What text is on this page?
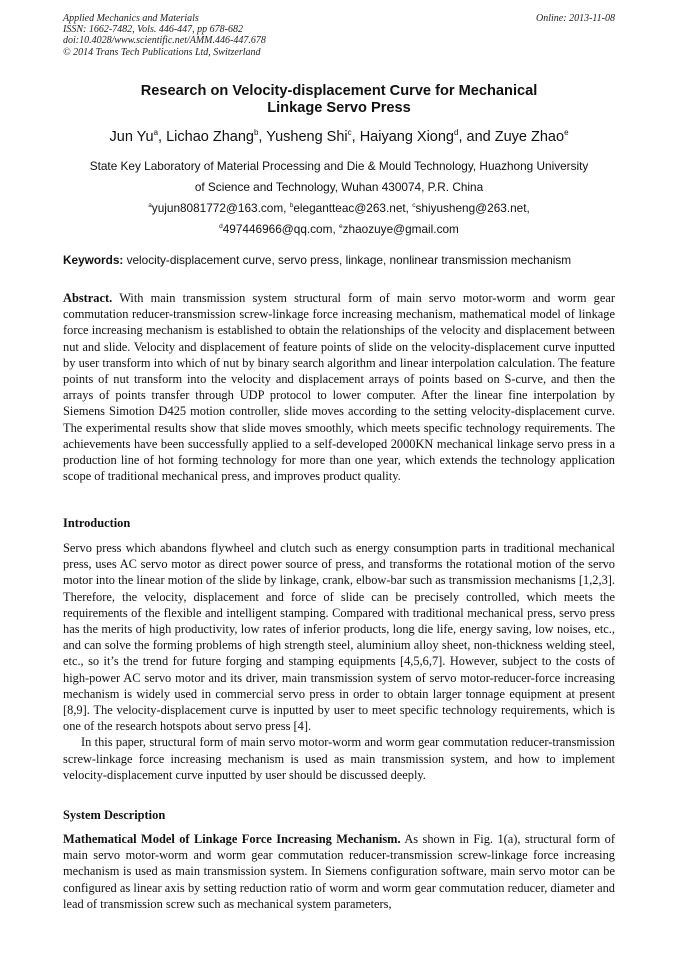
Applied Mechanics and Materials
ISSN: 1662-7482, Vols. 446-447, pp 678-682
doi:10.4028/www.scientific.net/AMM.446-447.678
© 2014 Trans Tech Publications Ltd, Switzerland
Online: 2013-11-08
Research on Velocity-displacement Curve for Mechanical
Linkage Servo Press
Jun Yu$^a$, Lichao Zhang$^b$, Yusheng Shi$^c$, Haiyang Xiong$^d$, and Zuye Zhao$^e$
State Key Laboratory of Material Processing and Die & Mould Technology, Huazhong University
of Science and Technology, Wuhan 430074, P.R. China
$^a$yujun8081772@163.com, $^b$elegantteac@263.net, $^c$shiyusheng@263.net,
$^d$497446966@qq.com, $^e$zhaozuye@gmail.com
Keywords: velocity-displacement curve, servo press, linkage, nonlinear transmission mechanism

Abstract. With main transmission system structural form of main servo motor-worm and worm gear commutation reducer-transmission screw-linkage force increasing mechanism, mathematical model of linkage force increasing mechanism is established to obtain the relationships of the velocity and displacement between nut and slide. Velocity and displacement of feature points of slide on the velocity-displacement curve inputted by user transform into which of nut by binary search algorithm and linear interpolation calculation. The feature points of nut transform into the velocity and displacement arrays of points based on S-curve, and then the arrays of points transfer through UDP protocol to lower computer. After the linear fine interpolation by Siemens Simotion D425 motion controller, slide moves according to the setting velocity-displacement curve. The experimental results show that slide moves smoothly, which meets specific technology requirements. The achievements have been successfully applied to a self-developed 2000KN mechanical linkage servo press in a production line of hot forming technology for more than one year, which extends the technology application scope of traditional mechanical press, and improves product quality.

Introduction

Servo press which abandons flywheel and clutch such as energy consumption parts in traditional mechanical press, uses AC servo motor as direct power source of press, and transforms the rotational motion of the servo motor into the linear motion of the slide by linkage, crank, elbow-bar such as transmission mechanisms [1,2,3]. Therefore, the velocity, displacement and force of slide can be precisely controlled, which meets the requirements of the flexible and intelligent stamping. Compared with traditional mechanical press, servo press has the merits of high productivity, low rates of inferior products, long die life, energy saving, low noises, etc., and can solve the forming problems of high strength steel, aluminium alloy sheet, non-thickness welding steel, etc., so it’s the trend for future forging and stamping equipments [4,5,6,7]. However, subject to the costs of high-power AC servo motor and its driver, main transmission system of servo motor-reducer-force increasing mechanism is widely used in commercial servo press in order to obtain larger tonnage equipment at present [8,9]. The velocity-displacement curve is inputted by user to meet specific technology requirements, which is one of the research hotspots about servo press [4].

In this paper, structural form of main servo motor-worm and worm gear commutation reducer-transmission screw-linkage force increasing mechanism is used as main transmission system, and how to implement velocity-displacement curve inputted by user should be discussed deeply.

System Description

Mathematical Model of Linkage Force Increasing Mechanism. As shown in Fig. 1(a), structural form of main servo motor-worm and worm gear commutation reducer-transmission screw-linkage force increasing mechanism is used as main transmission system. In Siemens configuration software, main servo motor can be configured as linear axis by setting reduction ratio of worm and worm gear commutation reducer, diameter and lead of transmission screw such as mechanical system parameters,
